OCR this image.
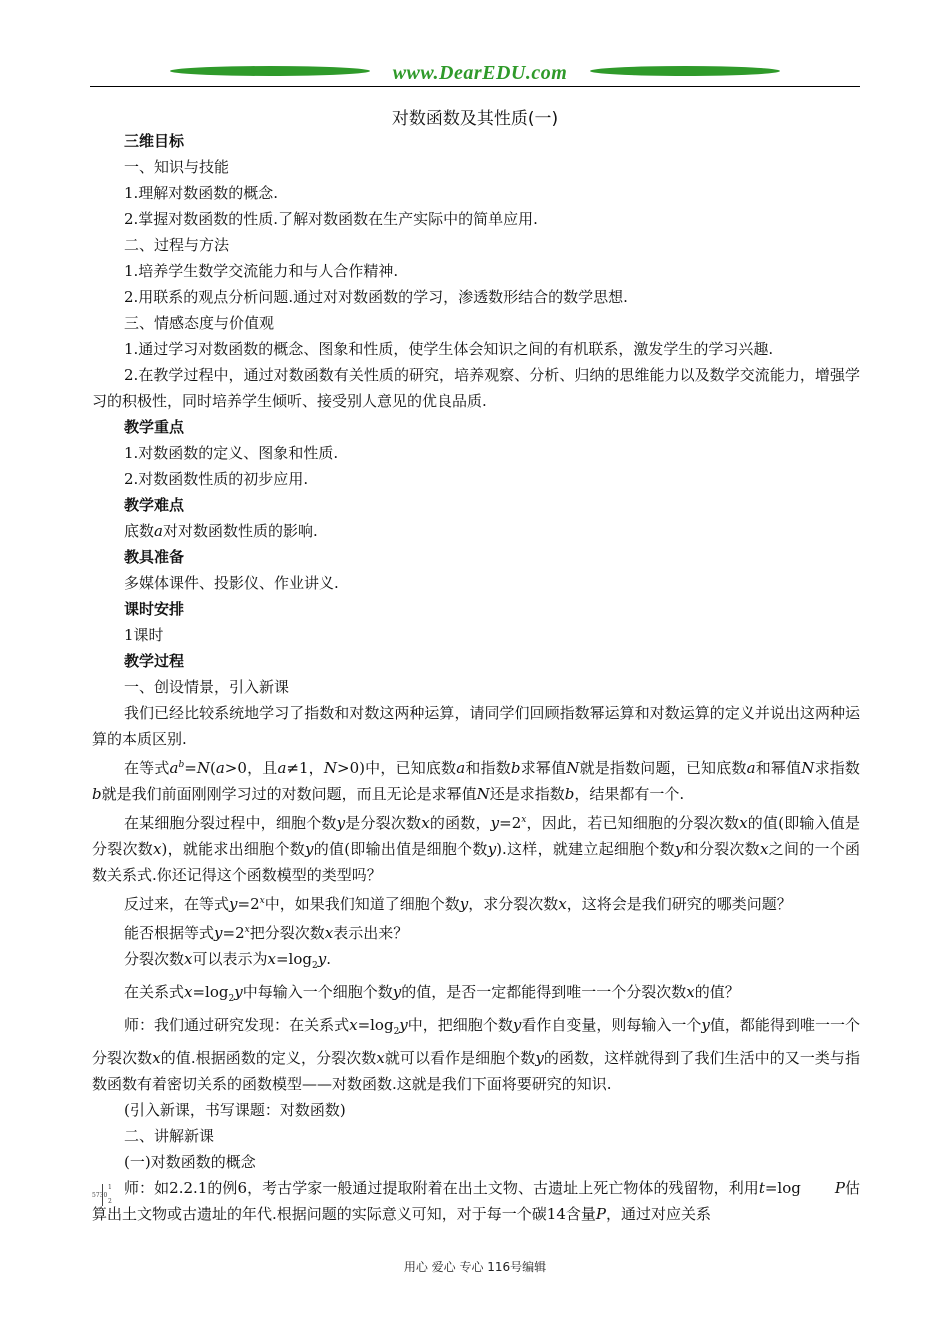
www.DearEDU.com
对数函数及其性质(一)

三维目标

一、知识与技能

1.理解对数函数的概念.

2.掌握对数函数的性质.了解对数函数在生产实际中的简单应用.

二、过程与方法

1.培养学生数学交流能力和与人合作精神.

2.用联系的观点分析问题.通过对对数函数的学习，渗透数形结合的数学思想.

三、情感态度与价值观

1.通过学习对数函数的概念、图象和性质，使学生体会知识之间的有机联系，激发学生的学习兴趣.

2.在教学过程中，通过对数函数有关性质的研究，培养观察、分析、归纳的思维能力以及数学交流能力，增强学习的积极性，同时培养学生倾听、接受别人意见的优良品质.

教学重点

1.对数函数的定义、图象和性质.

2.对数函数性质的初步应用.

教学难点

底数a对对数函数性质的影响.

教具准备

多媒体课件、投影仪、作业讲义.

课时安排

1课时

教学过程

一、创设情景，引入新课

我们已经比较系统地学习了指数和对数这两种运算，请同学们回顾指数幂运算和对数运算的定义并说出这两种运算的本质区别.

在等式$a^b=N(a>0$，且a≠1，N>0)中，已知底数a和指数b求幂值N就是指数问题，已知底数a和幂值N求指数b就是我们前面刚刚学习过的对数问题，而且无论是求幂值N还是求指数b，结果都有一个.

在某细胞分裂过程中，细胞个数y是分裂次数x的函数，$y=2^x$，因此，若已知细胞的分裂次数x的值(即输入值是分裂次数x)，就能求出细胞个数y的值(即输出值是细胞个数y).这样，就建立起细胞个数y和分裂次数x之间的一个函数关系式.你还记得这个函数模型的类型吗？

反过来，在等式$y=2^x$中，如果我们知道了细胞个数y，求分裂次数x，这将会是我们研究的哪类问题？

能否根据等式$y=2^x$把分裂次数x表示出来？

分裂次数x可以表示为$x=\log_2y$.

在关系式$x=\log_2y$中每输入一个细胞个数y的值，是否一定都能得到唯一一个分裂次数x的值？

师：我们通过研究发现：在关系式$x=\log_2y$中，把细胞个数y看作自变量，则每输入一个y值，都能得到唯一一个分裂次数x的值.根据函数的定义，分裂次数x就可以看作是细胞个数y的函数，这样就得到了我们生活中的又一类与指数函数有着密切关系的函数模型——对数函数.这就是我们下面将要研究的知识.

(引入新课，书写课题：对数函数)

二、讲解新课

(一)对数函数的概念

师：如2.2.1的例6，考古学家一般通过提取附着在出土文物、古遗址上死亡物体的残留物，利用t=log P估算出土文物或古遗址的年代.根据问题的实际意义可知，对于每一个碳14含量P，通过对应关系

5730
1
2
用心 爱心 专心 116号编辑
